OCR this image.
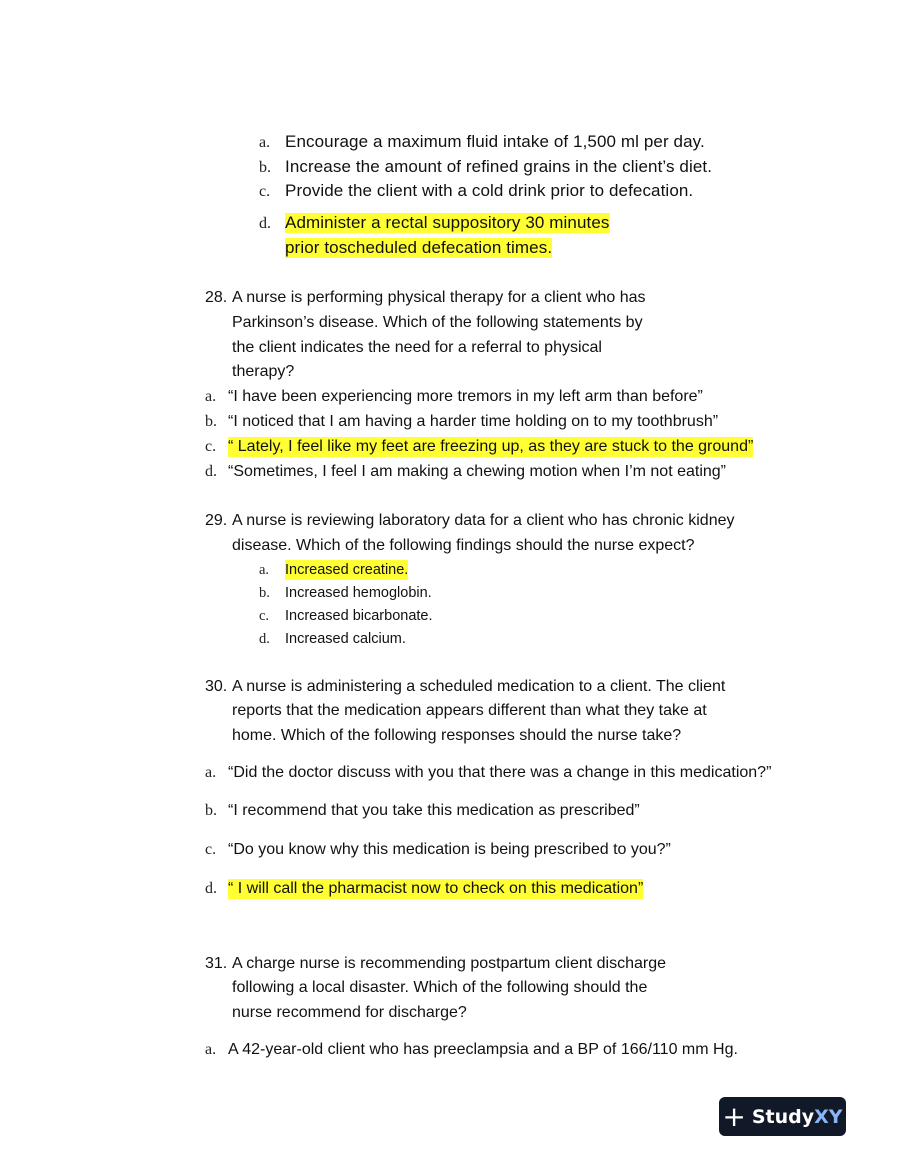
a. Encourage a maximum fluid intake of 1,500 ml per day.
b. Increase the amount of refined grains in the client’s diet.
c. Provide the client with a cold drink prior to defecation.
d. Administer a rectal suppository 30 minutes
prior toscheduled defecation times.
28. A nurse is performing physical therapy for a client who has
Parkinson’s disease. Which of the following statements by
the client indicates the need for a referral to physical
therapy?
a. “I have been experiencing more tremors in my left arm than before”
b. “I noticed that I am having a harder time holding on to my toothbrush”
c. “ Lately, I feel like my feet are freezing up, as they are stuck to the ground”
d. “Sometimes, I feel I am making a chewing motion when I’m not eating”
29. A nurse is reviewing laboratory data for a client who has chronic kidney
disease. Which of the following findings should the nurse expect?
a. Increased creatine.
b. Increased hemoglobin.
c. Increased bicarbonate.
d. Increased calcium.
30. A nurse is administering a scheduled medication to a client. The client
reports that the medication appears different than what they take at
home. Which of the following responses should the nurse take?
a. “Did the doctor discuss with you that there was a change in this medication?”
b. “I recommend that you take this medication as prescribed”
c. “Do you know why this medication is being prescribed to you?”
d. “ I will call the pharmacist now to check on this medication”
31. A charge nurse is recommending postpartum client discharge
following a local disaster. Which of the following should the
nurse recommend for discharge?
a. A 42-year-old client who has preeclampsia and a BP of 166/110 mm Hg.
+ StudyXY
